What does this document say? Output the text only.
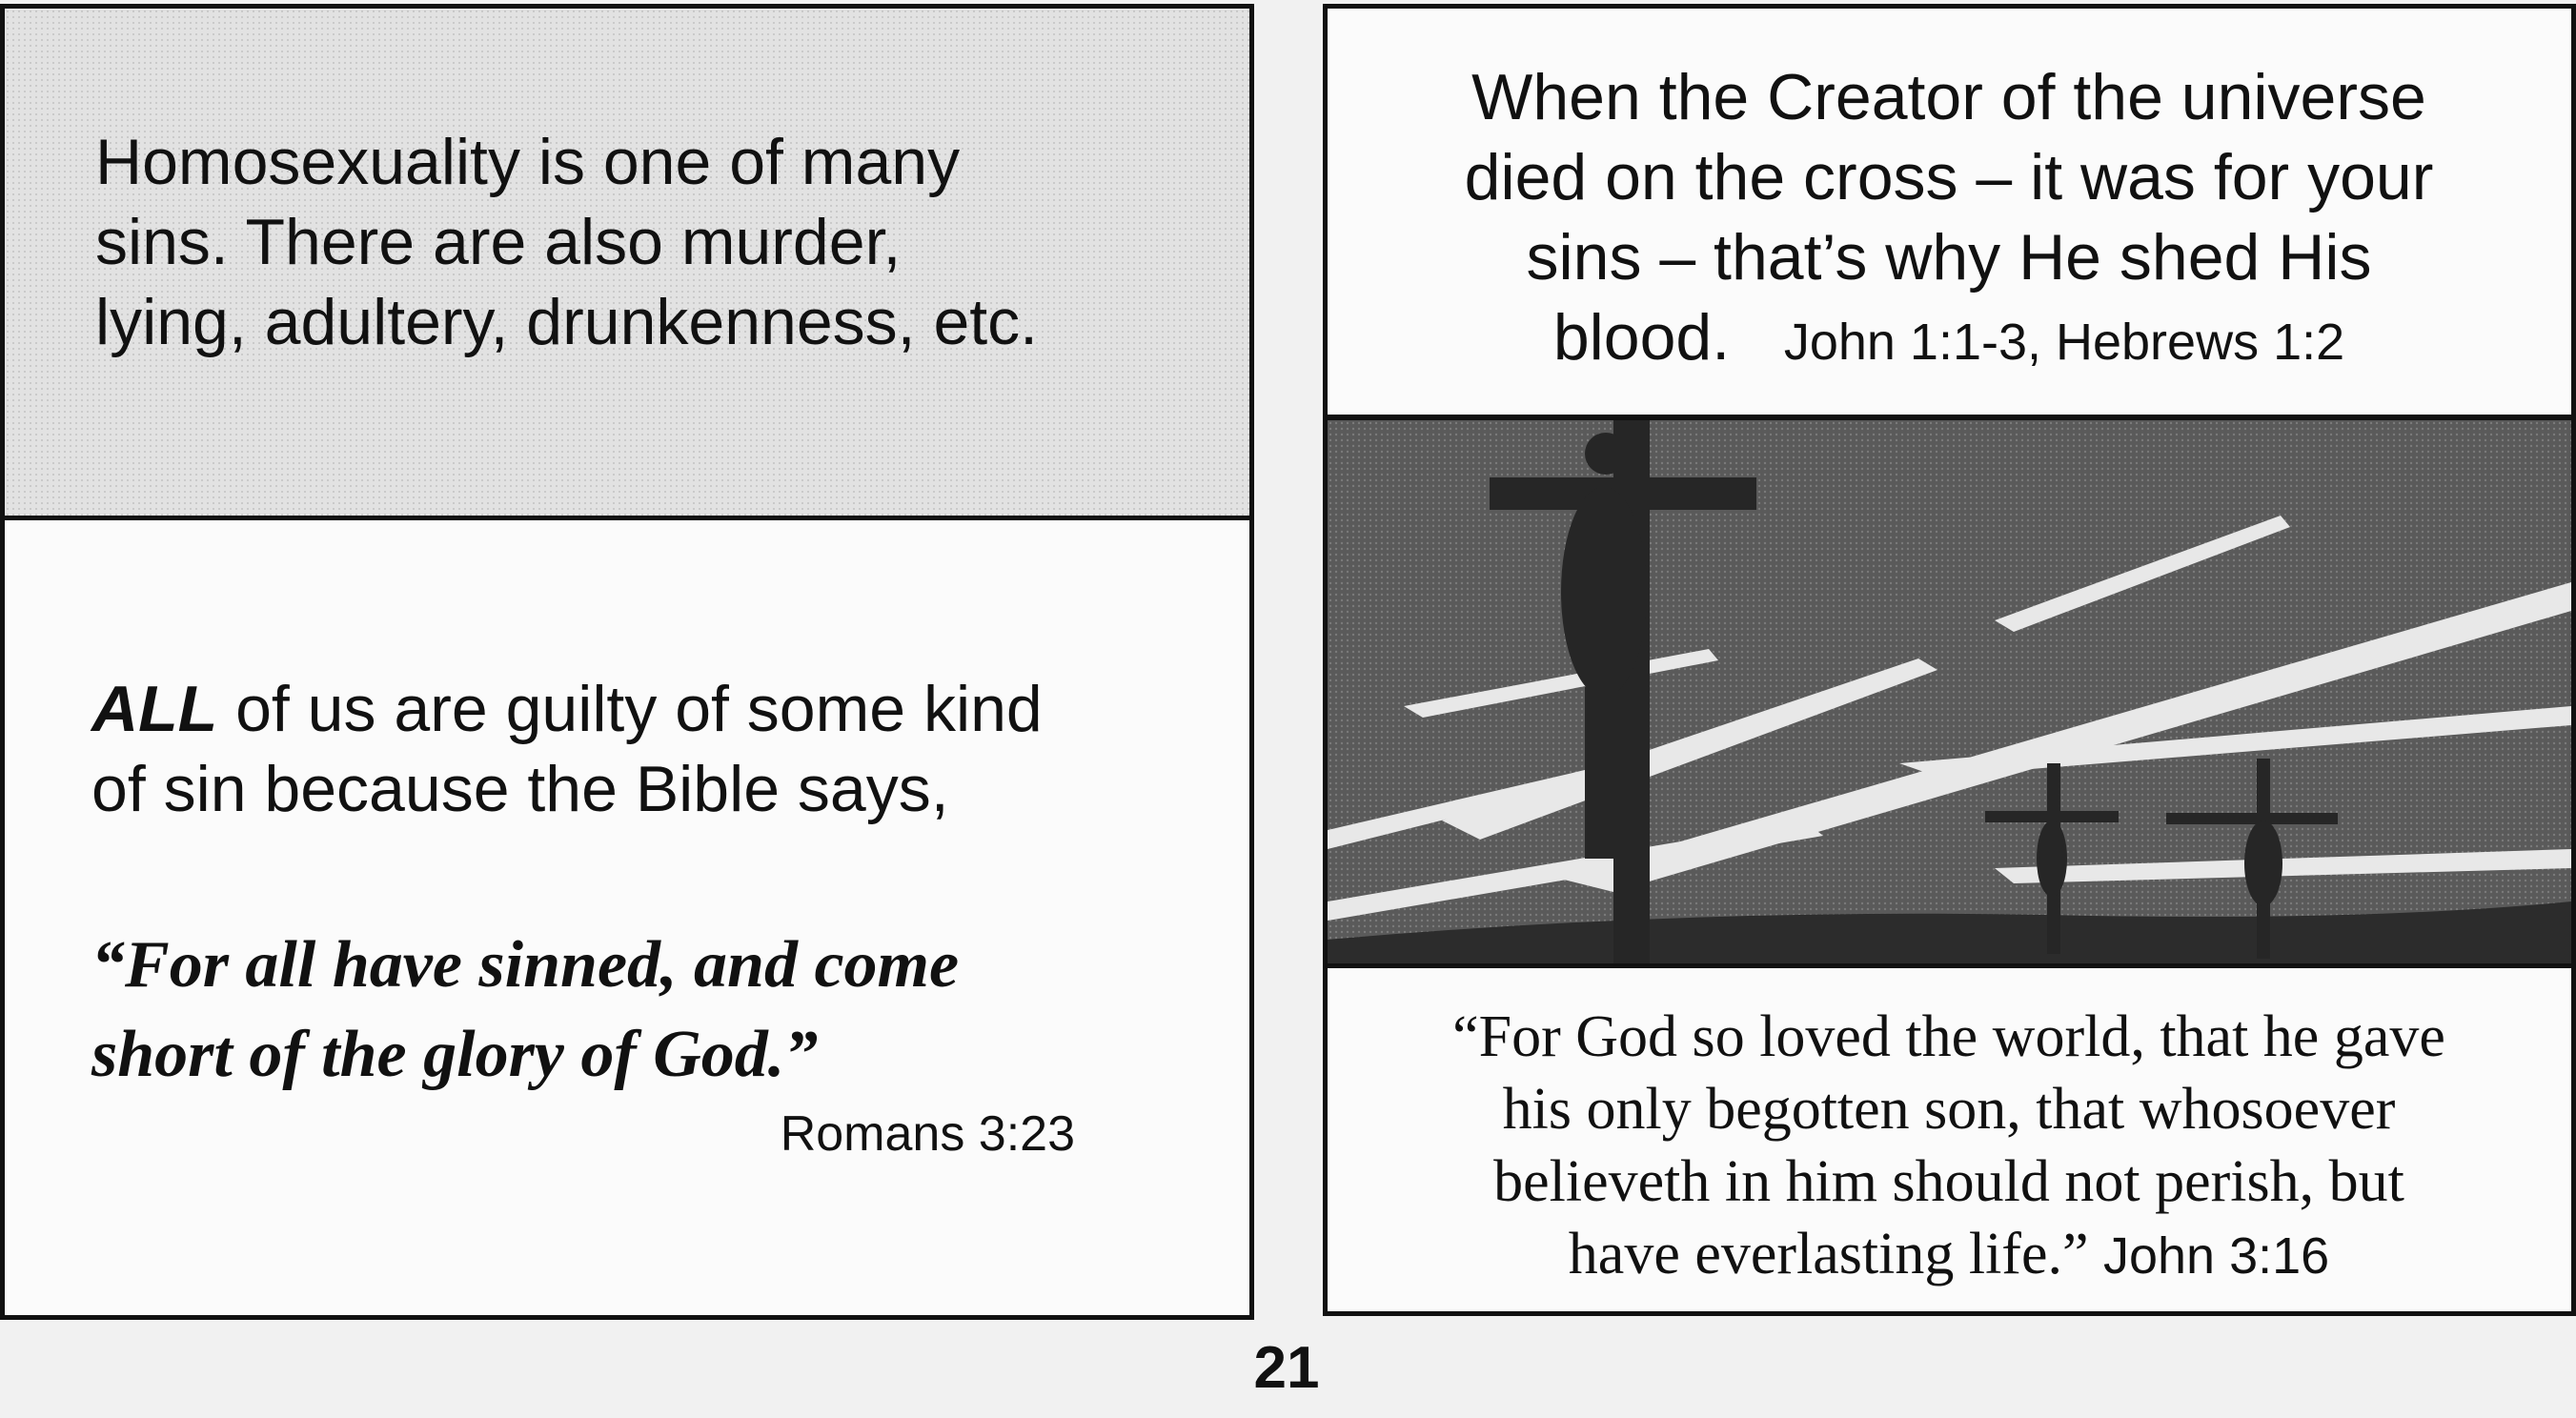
Homosexuality is one of many
sins. There are also murder,
lying, adultery, drunkenness, etc.
ALL of us are guilty of some kind
of sin because the Bible says,
“For all have sinned, and come
short of the glory of God.”
Romans 3:23
When the Creator of the universe
died on the cross – it was for your
sins – that’s why He shed His
blood. John 1:1-3, Hebrews 1:2
“For God so loved the world, that he gave
his only begotten son, that whosoever
believeth in him should not perish, but
have everlasting life.” John 3:16
21
